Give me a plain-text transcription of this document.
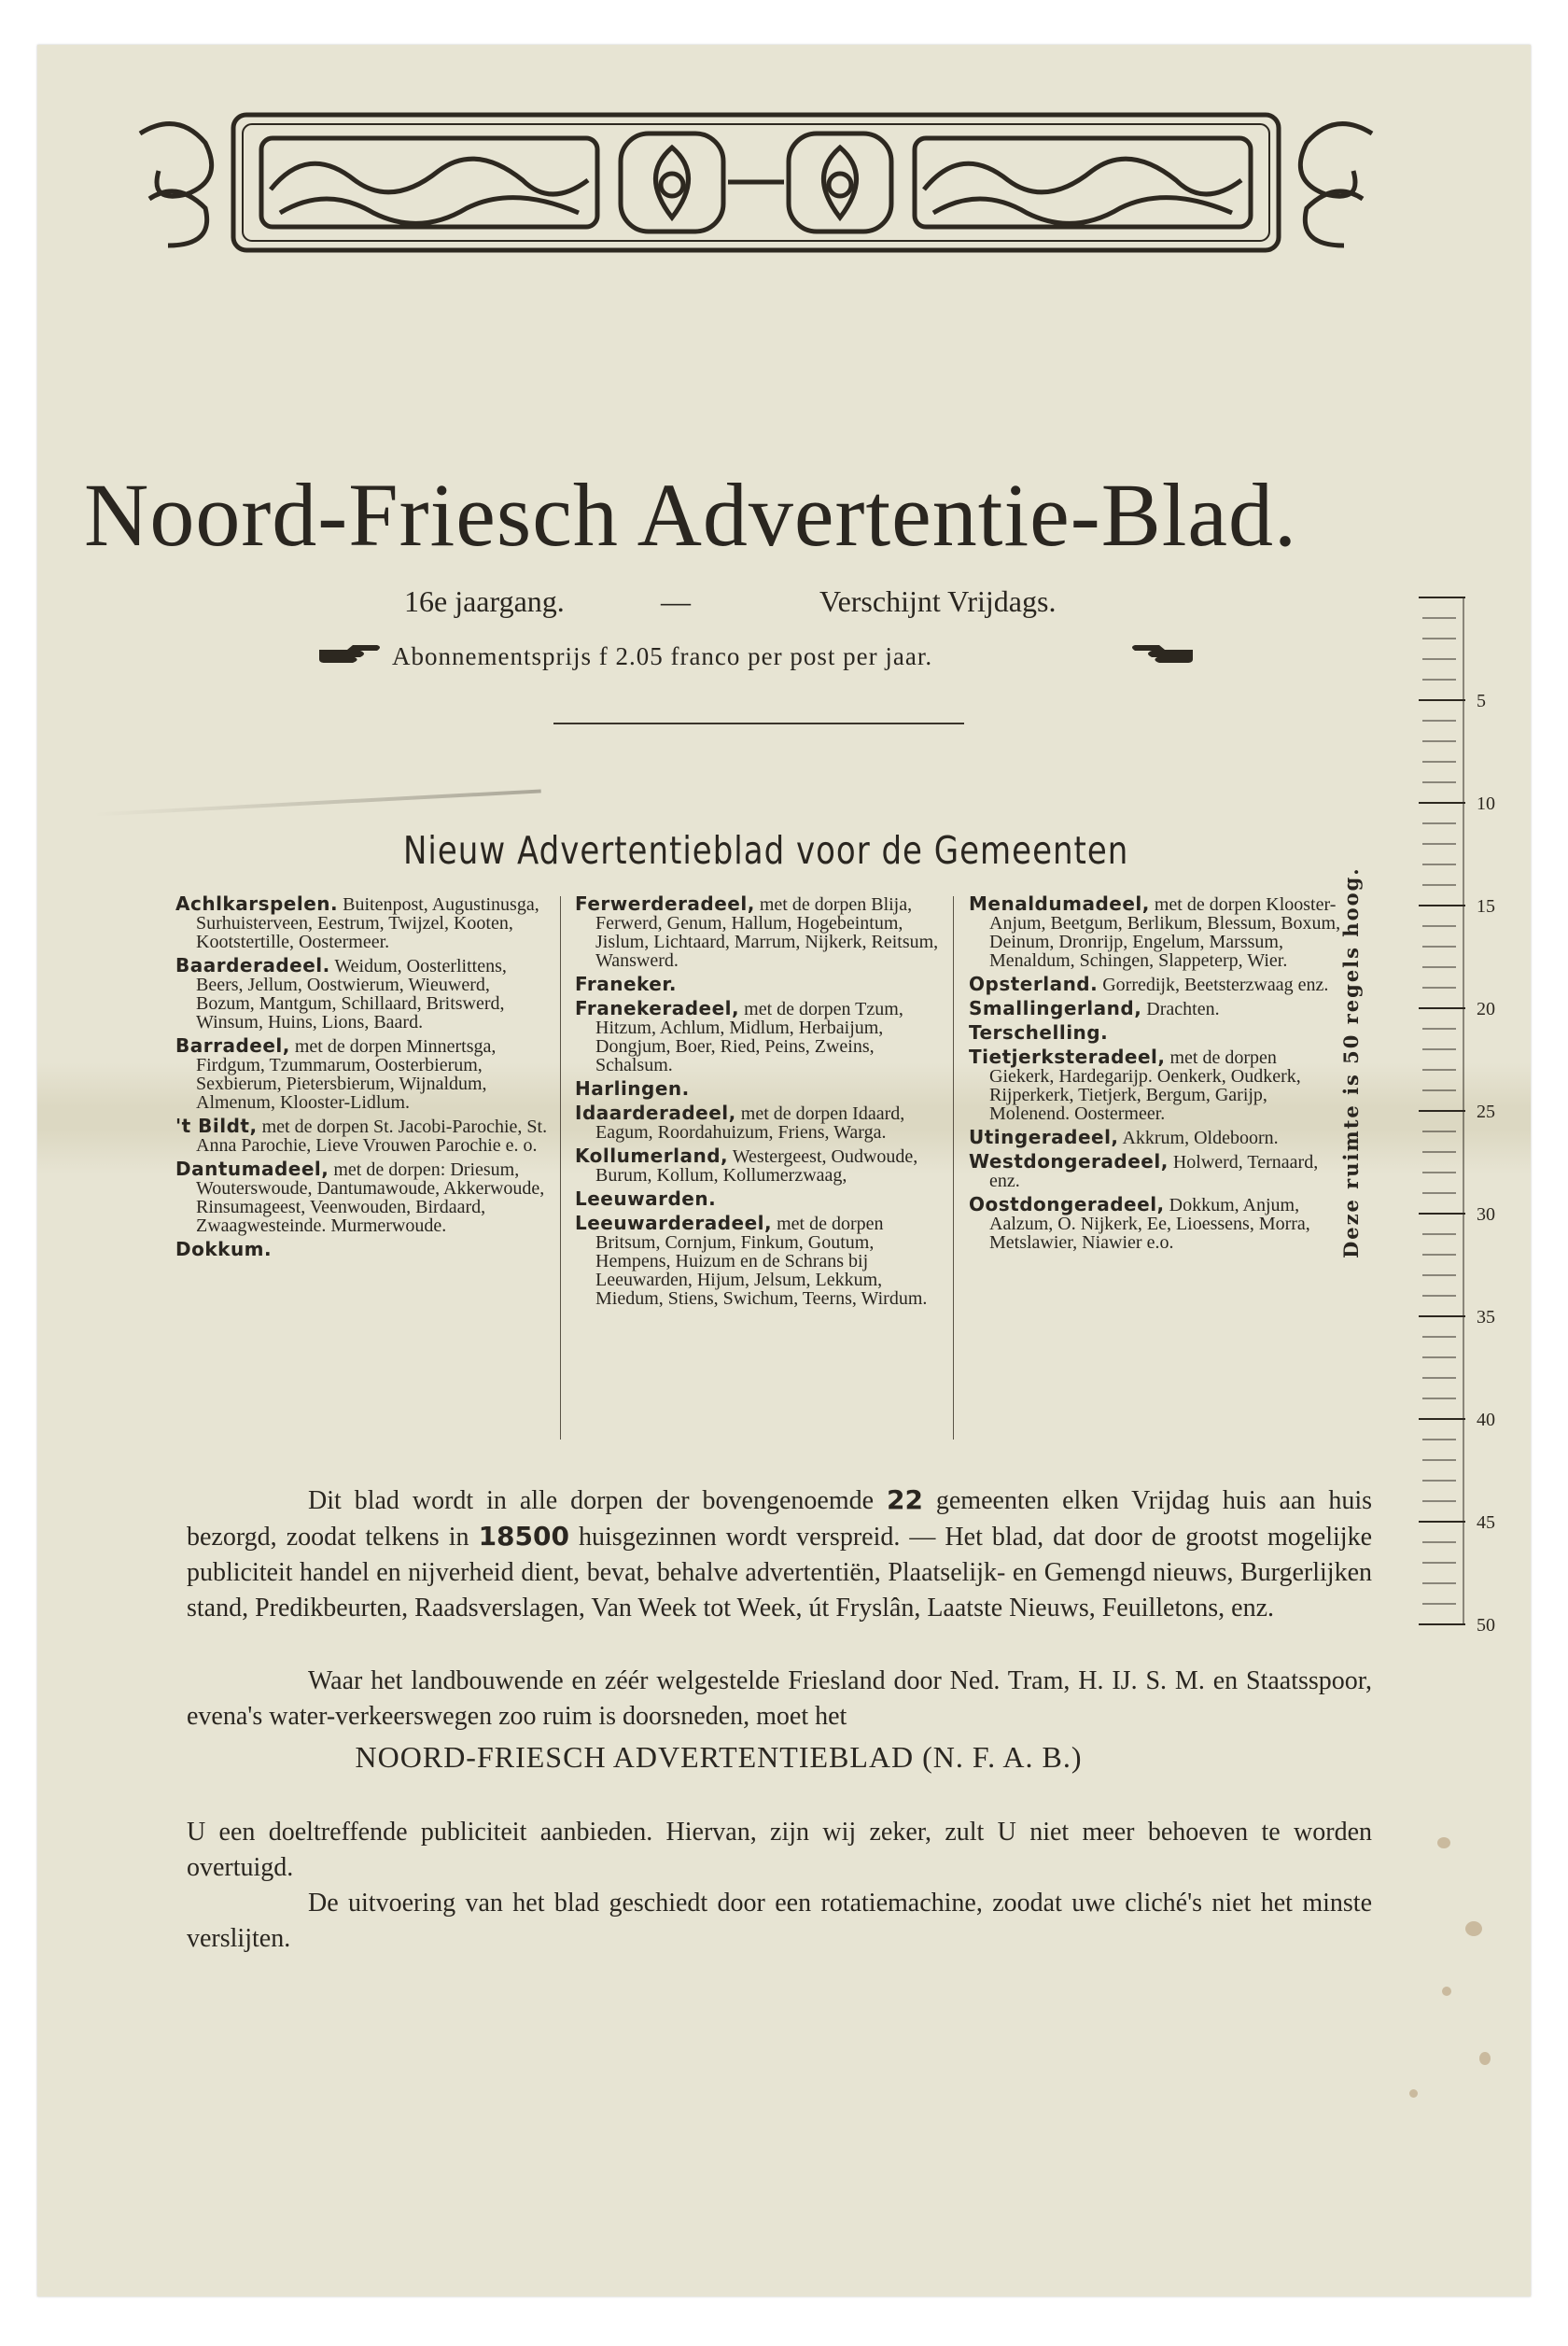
Noord-Friesch Advertentie-Blad.
16e jaargang.	—	Verschijnt Vrijdags.
Abonnementsprijs f 2.05 franco per post per jaar.
Nieuw Advertentieblad voor de Gemeenten
Achlkarspelen. Buitenpost, Augustinusga, Surhuisterveen, Eestrum, Twijzel, Kooten, Kootstertille, Oostermeer.
Baarderadeel. Weidum, Oosterlittens, Beers, Jellum, Oostwierum, Wieuwerd, Bozum, Mantgum, Schillaard, Britswerd, Winsum, Huins, Lions, Baard.
Barradeel, met de dorpen Minnertsga, Firdgum, Tzummarum, Oosterbierum, Sexbierum, Pietersbierum, Wijnaldum, Almenum, Klooster-Lidlum.
't Bildt, met de dorpen St. Jacobi-Parochie, St. Anna Parochie, Lieve Vrouwen Parochie e. o.
Dantumadeel, met de dorpen: Driesum, Wouterswoude, Dantumawoude, Akkerwoude, Rinsumageest, Veenwouden, Birdaard, Zwaagwesteinde. Murmerwoude.
Dokkum.
Ferwerderadeel, met de dorpen Blija, Ferwerd, Genum, Hallum, Hogebeintum, Jislum, Lichtaard, Marrum, Nijkerk, Reitsum, Wanswerd.
Franeker.
Franekeradeel, met de dorpen Tzum, Hitzum, Achlum, Midlum, Herbaijum, Dongjum, Boer, Ried, Peins, Zweins, Schalsum.
Harlingen.
Idaarderadeel, met de dorpen Idaard, Eagum, Roordahuizum, Friens, Warga.
Kollumerland, Westergeest, Oudwoude, Burum, Kollum, Kollumerzwaag,
Leeuwarden.
Leeuwarderadeel, met de dorpen Britsum, Cornjum, Finkum, Goutum, Hempens, Huizum en de Schrans bij Leeuwarden, Hijum, Jelsum, Lekkum, Miedum, Stiens, Swichum, Teerns, Wirdum.
Menaldumadeel, met de dorpen Klooster-Anjum, Beetgum, Berlikum, Blessum, Boxum, Deinum, Dronrijp, Engelum, Marssum, Menaldum, Schingen, Slappeterp, Wier.
Opsterland. Gorredijk, Beetsterzwaag enz.
Smallingerland, Drachten.
Terschelling.
Tietjerksteradeel, met de dorpen Giekerk, Hardegarijp. Oenkerk, Oudkerk, Rijperkerk, Tietjerk, Bergum, Garijp, Molenend. Oostermeer.
Utingeradeel, Akkrum, Oldeboorn.
Westdongeradeel, Holwerd, Ternaard, enz.
Oostdongeradeel, Dokkum, Anjum, Aalzum, O. Nijkerk, Ee, Lioessens, Morra, Metslawier, Niawier e.o.

Dit blad wordt in alle dorpen der bovengenoemde 22 gemeenten elken Vrijdag huis aan huis bezorgd, zoodat telkens in 18500 huisgezinnen wordt verspreid. — Het blad, dat door de grootst mogelijke publiciteit handel en nijverheid dient, bevat, behalve advertentiën, Plaatselijk- en Gemengd nieuws, Burgerlijken stand, Predikbeurten, Raadsverslagen, Van Week tot Week, út Fryslân, Laatste Nieuws, Feuilletons, enz.

Waar het landbouwende en zéér welgestelde Friesland door Ned. Tram, H. IJ. S. M. en Staatsspoor, evena's water-verkeerswegen zoo ruim is doorsneden, moet het

NOORD-FRIESCH ADVERTENTIEBLAD (N. F. A. B.)

U een doeltreffende publiciteit aanbieden. Hiervan, zijn wij zeker, zult U niet meer behoeven te worden overtuigd.

De uitvoering van het blad geschiedt door een rotatiemachine, zoodat uwe cliché's niet het minste verslijten.

5
10
15
20
25
30
35
40
45
50
Deze ruimte is 50 regels hoog.
